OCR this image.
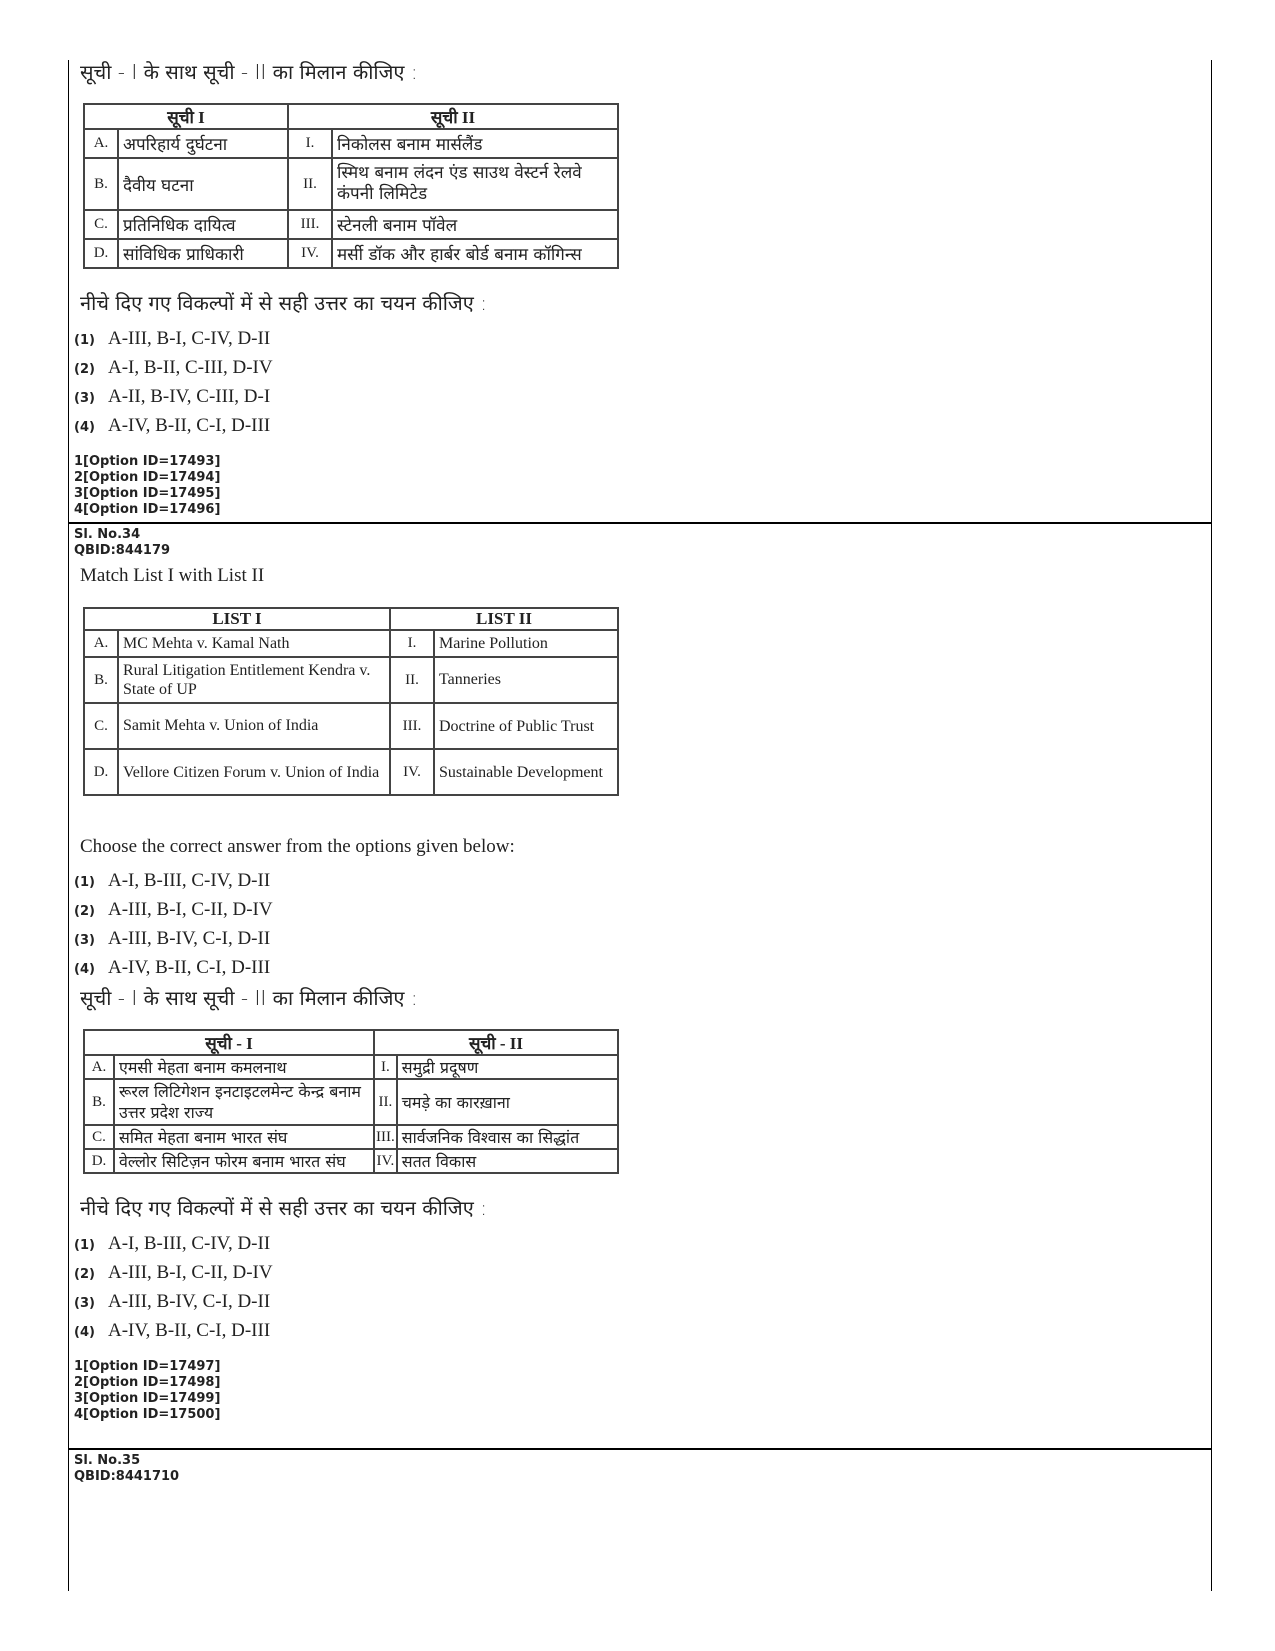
सूची - I के साथ सूची - II का मिलान कीजिए :

सूची I		सूची II	
A.	अपरिहार्य दुर्घटना	I.	निकोलस बनाम मार्सलैंड
B.	दैवीय घटना	II.	स्मिथ बनाम लंदन एंड साउथ वेस्टर्न रेलवे कंपनी लिमिटेड
C.	प्रतिनिधिक दायित्व	III.	स्टेनली बनाम पॉवेल
D.	सांविधिक प्राधिकारी	IV.	मर्सी डॉक और हार्बर बोर्ड बनाम कॉगिन्स

नीचे दिए गए विकल्पों में से सही उत्तर का चयन कीजिए :

(1) A-III, B-I, C-IV, D-II
(2) A-I, B-II, C-III, D-IV
(3) A-II, B-IV, C-III, D-I
(4) A-IV, B-II, C-I, D-III
1[Option ID=17493]
2[Option ID=17494]
3[Option ID=17495]
4[Option ID=17496]
Sl. No.34
QBID:844179

Match List I with List II

LIST I		LIST II	
A.	MC Mehta v. Kamal Nath	I.	Marine Pollution
B.	Rural Litigation Entitlement Kendra v. State of UP	II.	Tanneries
C.	Samit Mehta v. Union of India	III.	Doctrine of Public Trust
D.	Vellore Citizen Forum v. Union of India	IV.	Sustainable Development

Choose the correct answer from the options given below:

(1) A-I, B-III, C-IV, D-II
(2) A-III, B-I, C-II, D-IV
(3) A-III, B-IV, C-I, D-II
(4) A-IV, B-II, C-I, D-III

सूची - I के साथ सूची - II का मिलान कीजिए :

सूची - I		सूची - II	
A.	एमसी मेहता बनाम कमलनाथ	I.	समुद्री प्रदूषण
B.	रूरल लिटिगेशन इनटाइटलमेन्ट केन्द्र बनाम उत्तर प्रदेश राज्य	II.	चमड़े का कारख़ाना
C.	समित मेहता बनाम भारत संघ	III.	सार्वजनिक विश्वास का सिद्धांत
D.	वेल्लोर सिटिज़न फोरम बनाम भारत संघ	IV.	सतत विकास

नीचे दिए गए विकल्पों में से सही उत्तर का चयन कीजिए :

(1) A-I, B-III, C-IV, D-II
(2) A-III, B-I, C-II, D-IV
(3) A-III, B-IV, C-I, D-II
(4) A-IV, B-II, C-I, D-III
1[Option ID=17497]
2[Option ID=17498]
3[Option ID=17499]
4[Option ID=17500]
Sl. No.35
QBID:8441710
